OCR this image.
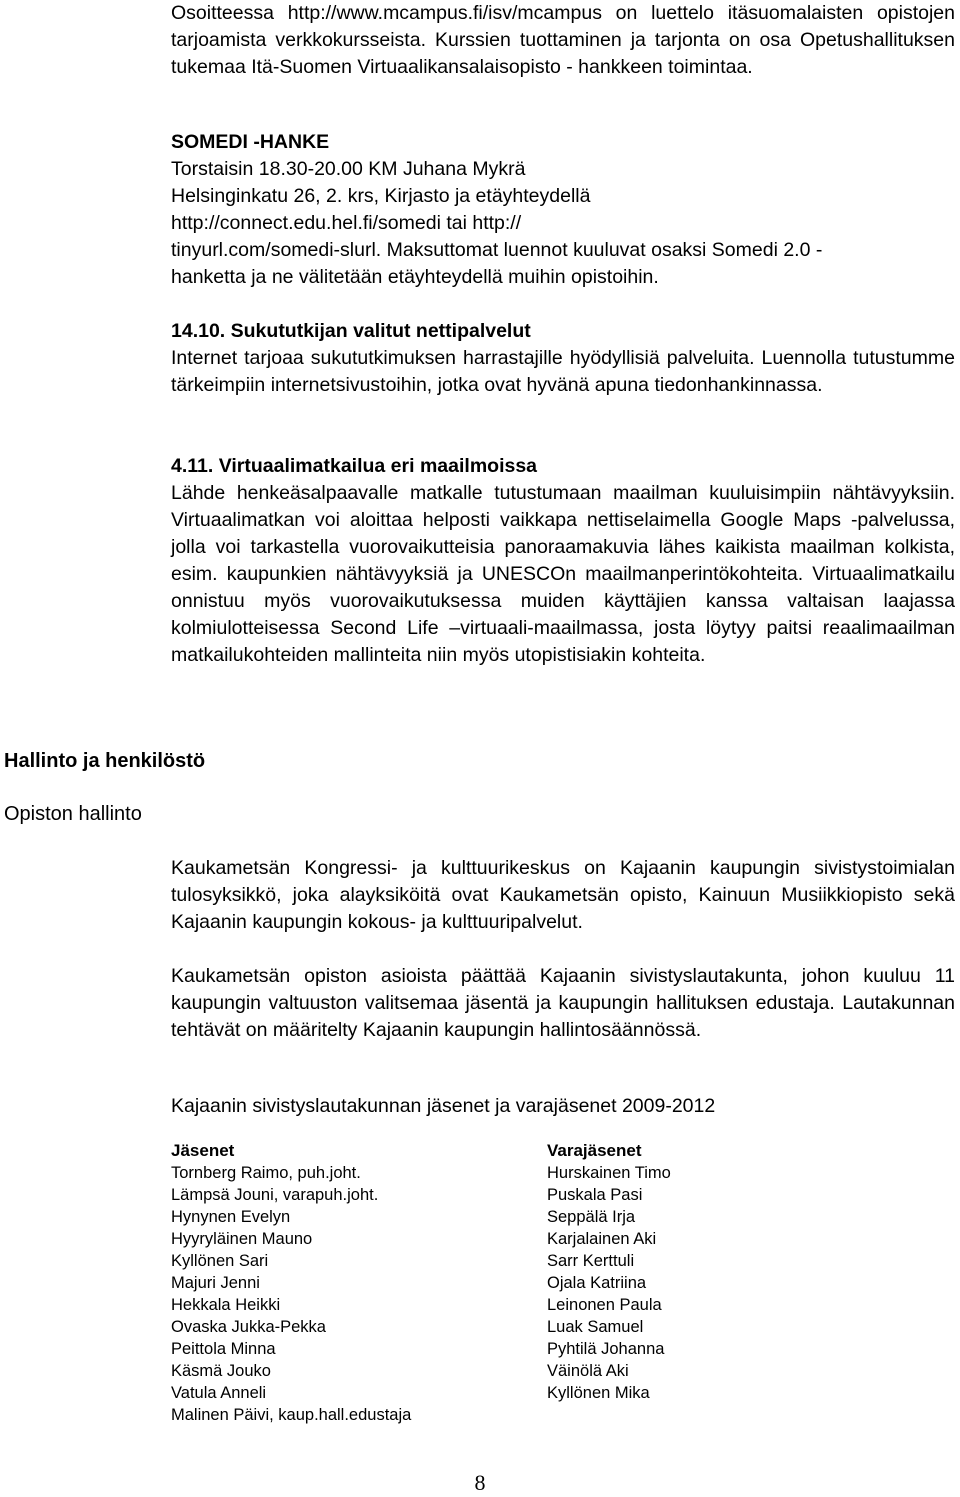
Osoitteessa http://www.mcampus.fi/isv/mcampus on luettelo itäsuomalaisten opistojen tarjoamista verkkokursseista. Kurssien tuottaminen ja tarjonta on osa Opetushallituksen tukemaa Itä-Suomen Virtuaalikansalaisopisto - hankkeen toimintaa.

SOMEDI -HANKE

Torstaisin 18.30-20.00 KM Juhana Mykrä

Helsinginkatu 26, 2. krs, Kirjasto ja etäyhteydellä

http://connect.edu.hel.fi/somedi tai http://

tinyurl.com/somedi-slurl. Maksuttomat luennot kuuluvat osaksi Somedi 2.0 -

hanketta ja ne välitetään etäyhteydellä muihin opistoihin.

14.10. Sukututkijan valitut nettipalvelut

Internet tarjoaa sukututkimuksen harrastajille hyödyllisiä palveluita. Luennolla tutustumme tärkeimpiin internetsivustoihin, jotka ovat hyvänä apuna tiedonhankinnassa.

4.11. Virtuaalimatkailua eri maailmoissa

Lähde henkeäsalpaavalle matkalle tutustumaan maailman kuuluisimpiin nähtävyyksiin. Virtuaalimatkan voi aloittaa helposti vaikkapa nettiselaimella Google Maps -palvelussa, jolla voi tarkastella vuorovaikutteisia panoraamakuvia lähes kaikista maailman kolkista, esim. kaupunkien nähtävyyksiä ja UNESCOn maailmanperintökohteita. Virtuaalimatkailu onnistuu myös vuorovaikutuksessa muiden käyttäjien kanssa valtaisan laajassa kolmiulotteisessa Second Life –virtuaali-maailmassa, josta löytyy paitsi reaalimaailman matkailukohteiden mallinteita niin myös utopistisiakin kohteita.

Hallinto ja henkilöstö

Opiston hallinto

Kaukametsän Kongressi- ja kulttuurikeskus on Kajaanin kaupungin sivistystoimialan tulosyksikkö, joka alayksiköitä ovat Kaukametsän opisto, Kainuun Musiikkiopisto sekä Kajaanin kaupungin kokous- ja kulttuuripalvelut.

Kaukametsän opiston asioista päättää Kajaanin sivistyslautakunta, johon kuuluu 11 kaupungin valtuuston valitsemaa jäsentä ja kaupungin hallituksen edustaja. Lautakunnan tehtävät on määritelty Kajaanin kaupungin hallintosäännössä.

Kajaanin sivistyslautakunnan jäsenet ja varajäsenet 2009-2012

Jäsenet

Tornberg Raimo, puh.joht.

Lämpsä Jouni, varapuh.joht.

Hynynen Evelyn

Hyyryläinen Mauno

Kyllönen Sari

Majuri Jenni

Hekkala Heikki

Ovaska Jukka-Pekka

Peittola Minna

Käsmä Jouko

Vatula Anneli

Malinen Päivi, kaup.hall.edustaja

Varajäsenet

Hurskainen Timo

Puskala Pasi

Seppälä Irja

Karjalainen Aki

Sarr Kerttuli

Ojala Katriina

Leinonen Paula

Luak Samuel

Pyhtilä Johanna

Väinölä Aki

Kyllönen Mika

8
